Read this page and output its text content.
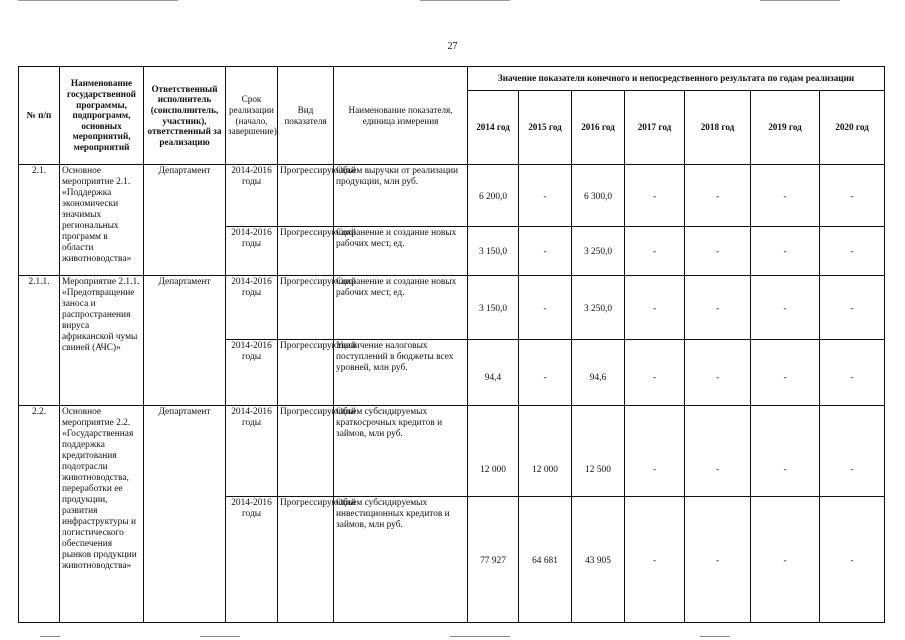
27
№ п/п	Наименование государственной программы, подпрограмм, основных мероприятий, мероприятий	Ответственный исполнитель (соисполнитель, участник), ответственный за реализацию	Срок реализации (начало, завершение)	Вид показателя	Наименование показателя, единица измерения	Значение показателя конечного и непосредственного результата по годам реализации						
						2014 год	2015 год	2016 год	2017 год	2018 год	2019 год	2020 год
2.1.	Основное мероприятие 2.1. «Поддержка экономически значимых региональных программ в области животноводства»	Департамент	2014-2016 годы	Прогрессирующий	Объем выручки от реализации продукции, млн руб.	6 200,0	-	6 300,0	-	-	-	-
			2014-2016 годы	Прогрессирующий	Сохранение и создание новых рабочих мест, ед.	3 150,0	-	3 250,0	-	-	-	-
2.1.1.	Мероприятие 2.1.1. «Предотвращение заноса и распространения вируса африканской чумы свиней (АЧС)»	Департамент	2014-2016 годы	Прогрессирующий	Сохранение и создание новых рабочих мест, ед.	3 150,0	-	3 250,0	-	-	-	-
			2014-2016 годы	Прогрессирующий	Увеличение налоговых поступлений в бюджеты всех уровней, млн руб.	94,4	-	94,6	-	-	-	-
2.2.	Основное мероприятие 2.2. «Государственная поддержка кредитования подотрасли животноводства, переработки ее продукции, развития инфраструктуры и логистического обеспечения рынков продукции животноводства»	Департамент	2014-2016 годы	Прогрессирующий	Объем субсидируемых краткосрочных кредитов и займов, млн руб.	12 000	12 000	12 500	-	-	-	-
			2014-2016 годы	Прогрессирующий	Объем субсидируемых инвестиционных кредитов и займов, млн руб.	77 927	64 681	43 905	-	-	-	-
